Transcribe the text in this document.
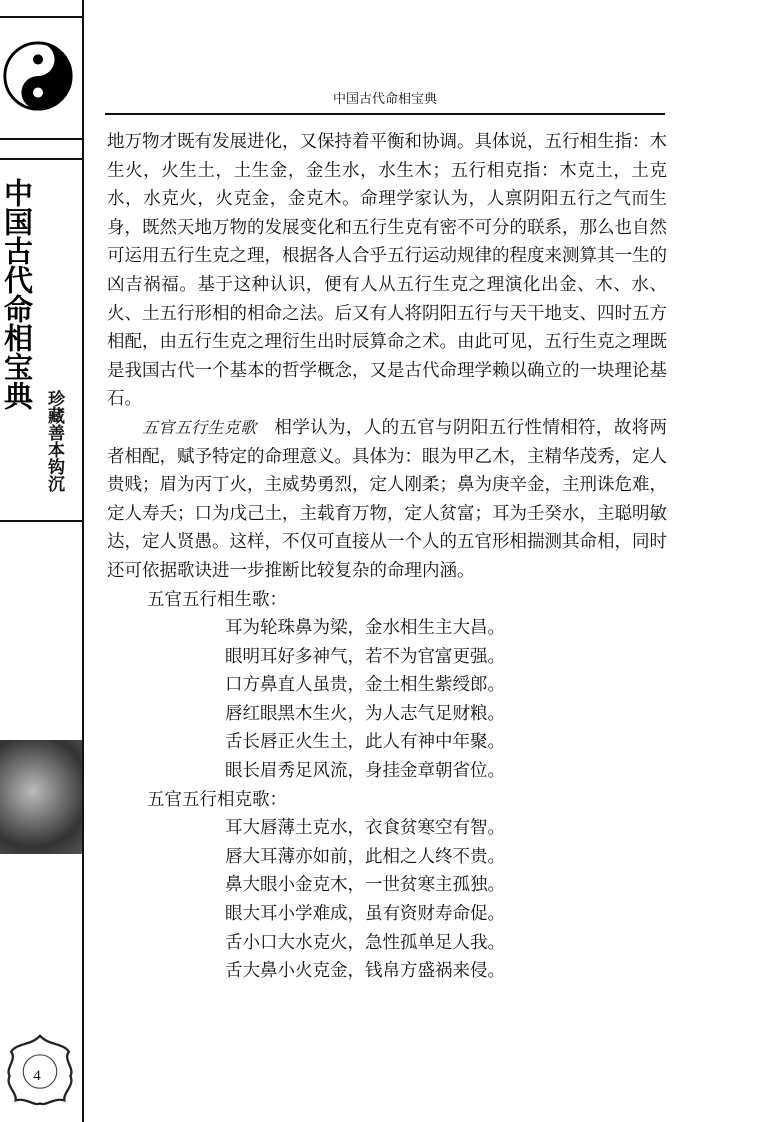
中国古代命相宝典
珍藏善本钩沉
4
中国古代命相宝典

地万物才既有发展进化，又保持着平衡和协调。具体说，五行相生指：木生火，火生土，土生金，金生水，水生木；五行相克指：木克土，土克水，水克火，火克金，金克木。命理学家认为，人禀阴阳五行之气而生身，既然天地万物的发展变化和五行生克有密不可分的联系，那么也自然可运用五行生克之理，根据各人合乎五行运动规律的程度来测算其一生的凶吉祸福。基于这种认识，便有人从五行生克之理演化出金、木、水、火、土五行形相的相命之法。后又有人将阴阳五行与天干地支、四时五方相配，由五行生克之理衍生出时辰算命之术。由此可见，五行生克之理既是我国古代一个基本的哲学概念，又是古代命理学赖以确立的一块理论基石。

五官五行生克歌　 相学认为，人的五官与阴阳五行性情相符，故将两者相配，赋予特定的命理意义。具体为：眼为甲乙木，主精华茂秀，定人贵贱；眉为丙丁火，主威势勇烈，定人刚柔；鼻为庚辛金，主刑诛危难，定人寿夭；口为戊己土，主载育万物，定人贫富；耳为壬癸水，主聪明敏达，定人贤愚。这样，不仅可直接从一个人的五官形相揣测其命相，同时还可依据歌诀进一步推断比较复杂的命理内涵。

五官五行相生歌：

耳为轮珠鼻为梁，金水相生主大昌。

眼明耳好多神气，若不为官富更强。

口方鼻直人虽贵，金土相生紫绶郎。

唇红眼黑木生火，为人志气足财粮。

舌长唇正火生土，此人有神中年聚。

眼长眉秀足风流，身挂金章朝省位。

五官五行相克歌：

耳大唇薄土克水，衣食贫寒空有智。

唇大耳薄亦如前，此相之人终不贵。

鼻大眼小金克木，一世贫寒主孤独。

眼大耳小学难成，虽有资财寿命促。

舌小口大水克火，急性孤单足人我。

舌大鼻小火克金，钱帛方盛祸来侵。
